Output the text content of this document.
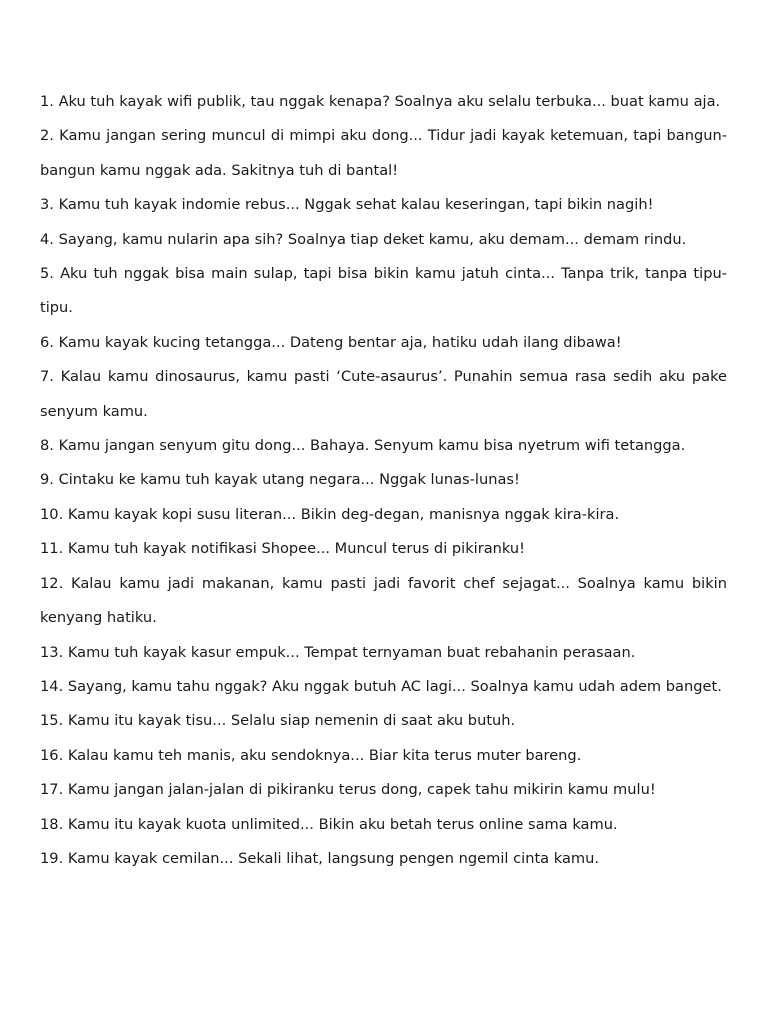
1. Aku tuh kayak wifi publik, tau nggak kenapa? Soalnya aku selalu terbuka... buat kamu aja.

2. Kamu jangan sering muncul di mimpi aku dong... Tidur jadi kayak ketemuan, tapi bangun-bangun kamu nggak ada. Sakitnya tuh di bantal!

3. Kamu tuh kayak indomie rebus... Nggak sehat kalau keseringan, tapi bikin nagih!

4. Sayang, kamu nularin apa sih? Soalnya tiap deket kamu, aku demam... demam rindu.

5. Aku tuh nggak bisa main sulap, tapi bisa bikin kamu jatuh cinta... Tanpa trik, tanpa tipu-tipu.

6. Kamu kayak kucing tetangga... Dateng bentar aja, hatiku udah ilang dibawa!

7. Kalau kamu dinosaurus, kamu pasti ‘Cute-asaurus’. Punahin semua rasa sedih aku pake senyum kamu.

8. Kamu jangan senyum gitu dong... Bahaya. Senyum kamu bisa nyetrum wifi tetangga.

9. Cintaku ke kamu tuh kayak utang negara... Nggak lunas-lunas!

10. Kamu kayak kopi susu literan... Bikin deg-degan, manisnya nggak kira-kira.

11. Kamu tuh kayak notifikasi Shopee... Muncul terus di pikiranku!

12. Kalau kamu jadi makanan, kamu pasti jadi favorit chef sejagat... Soalnya kamu bikin kenyang hatiku.

13. Kamu tuh kayak kasur empuk... Tempat ternyaman buat rebahanin perasaan.

14. Sayang, kamu tahu nggak? Aku nggak butuh AC lagi... Soalnya kamu udah adem banget.

15. Kamu itu kayak tisu... Selalu siap nemenin di saat aku butuh.

16. Kalau kamu teh manis, aku sendoknya... Biar kita terus muter bareng.

17. Kamu jangan jalan-jalan di pikiranku terus dong, capek tahu mikirin kamu mulu!

18. Kamu itu kayak kuota unlimited... Bikin aku betah terus online sama kamu.

19. Kamu kayak cemilan... Sekali lihat, langsung pengen ngemil cinta kamu.
